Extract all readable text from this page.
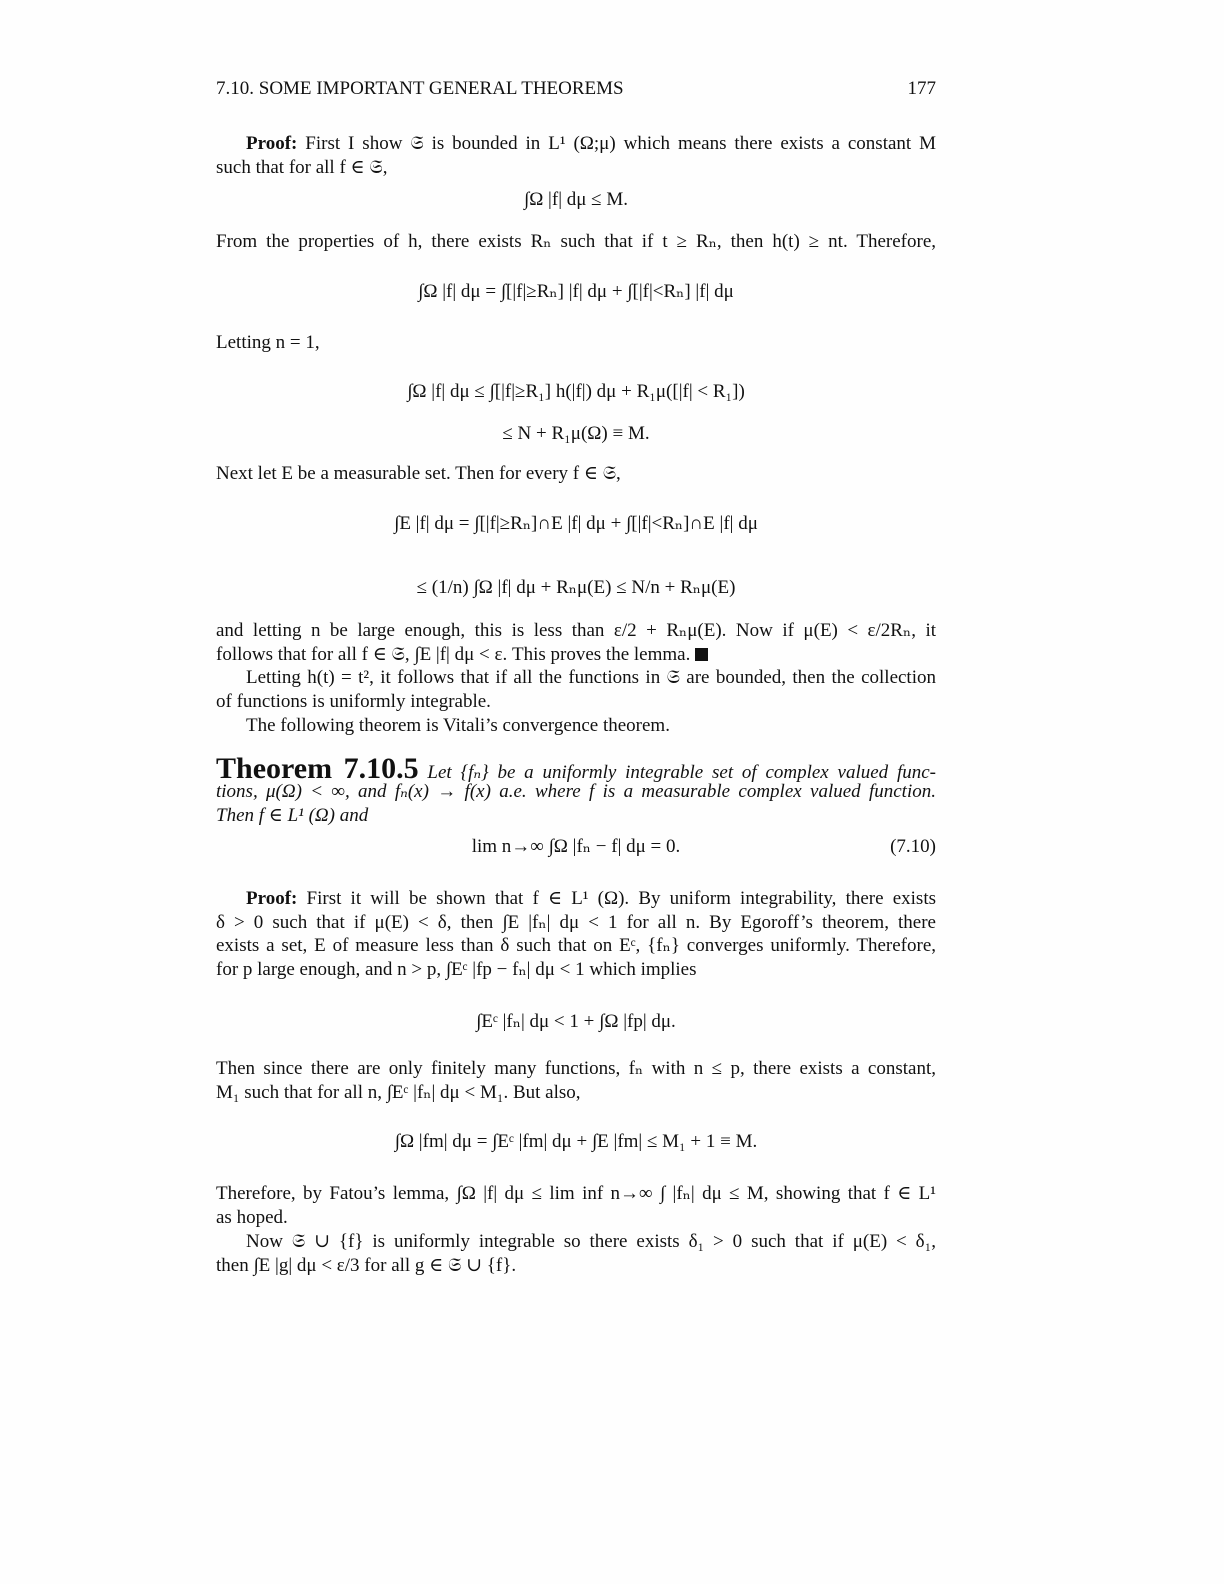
7.10. SOME IMPORTANT GENERAL THEOREMS	177
Proof: First I show 𝔖 is bounded in L¹ (Ω;μ) which means there exists a constant M
such that for all f ∈ 𝔖,
∫Ω |f| dμ ≤ M.
From the properties of h, there exists Rₙ such that if t ≥ Rₙ, then h(t) ≥ nt. Therefore,
∫Ω |f| dμ = ∫[|f|≥Rₙ] |f| dμ + ∫[|f|<Rₙ] |f| dμ
Letting n = 1,
∫Ω |f| dμ ≤ ∫[|f|≥R₁] h(|f|) dμ + R₁μ([|f| < R₁])
≤ N + R₁μ(Ω) ≡ M.
Next let E be a measurable set. Then for every f ∈ 𝔖,
∫E |f| dμ = ∫[|f|≥Rₙ]∩E |f| dμ + ∫[|f|<Rₙ]∩E |f| dμ
≤ (1/n) ∫Ω |f| dμ + Rₙμ(E) ≤ N/n + Rₙμ(E)
and letting n be large enough, this is less than ε/2 + Rₙμ(E). Now if μ(E) < ε/2Rₙ, it
follows that for all f ∈ 𝔖, ∫E |f| dμ < ε. This proves the lemma.
Letting h(t) = t², it follows that if all the functions in 𝔖 are bounded, then the collection
of functions is uniformly integrable.
The following theorem is Vitali’s convergence theorem.
Theorem 7.10.5 Let {fₙ} be a uniformly integrable set of complex valued func-
tions, μ(Ω) < ∞, and fₙ(x) → f(x) a.e. where f is a measurable complex valued function.
Then f ∈ L¹ (Ω) and
lim n→∞ ∫Ω |fₙ − f| dμ = 0.	(7.10)
Proof: First it will be shown that f ∈ L¹ (Ω). By uniform integrability, there exists
δ > 0 such that if μ(E) < δ, then ∫E |fₙ| dμ < 1 for all n. By Egoroff’s theorem, there
exists a set, E of measure less than δ such that on Eᶜ, {fₙ} converges uniformly. Therefore,
for p large enough, and n > p, ∫Eᶜ |fp − fₙ| dμ < 1 which implies
∫Eᶜ |fₙ| dμ < 1 + ∫Ω |fp| dμ.
Then since there are only finitely many functions, fₙ with n ≤ p, there exists a constant,
M₁ such that for all n, ∫Eᶜ |fₙ| dμ < M₁. But also,
∫Ω |fm| dμ = ∫Eᶜ |fm| dμ + ∫E |fm| ≤ M₁ + 1 ≡ M.
Therefore, by Fatou’s lemma, ∫Ω |f| dμ ≤ lim inf n→∞ ∫ |fₙ| dμ ≤ M, showing that f ∈ L¹
as hoped.
Now 𝔖 ∪ {f} is uniformly integrable so there exists δ₁ > 0 such that if μ(E) < δ₁,
then ∫E |g| dμ < ε/3 for all g ∈ 𝔖 ∪ {f}.
